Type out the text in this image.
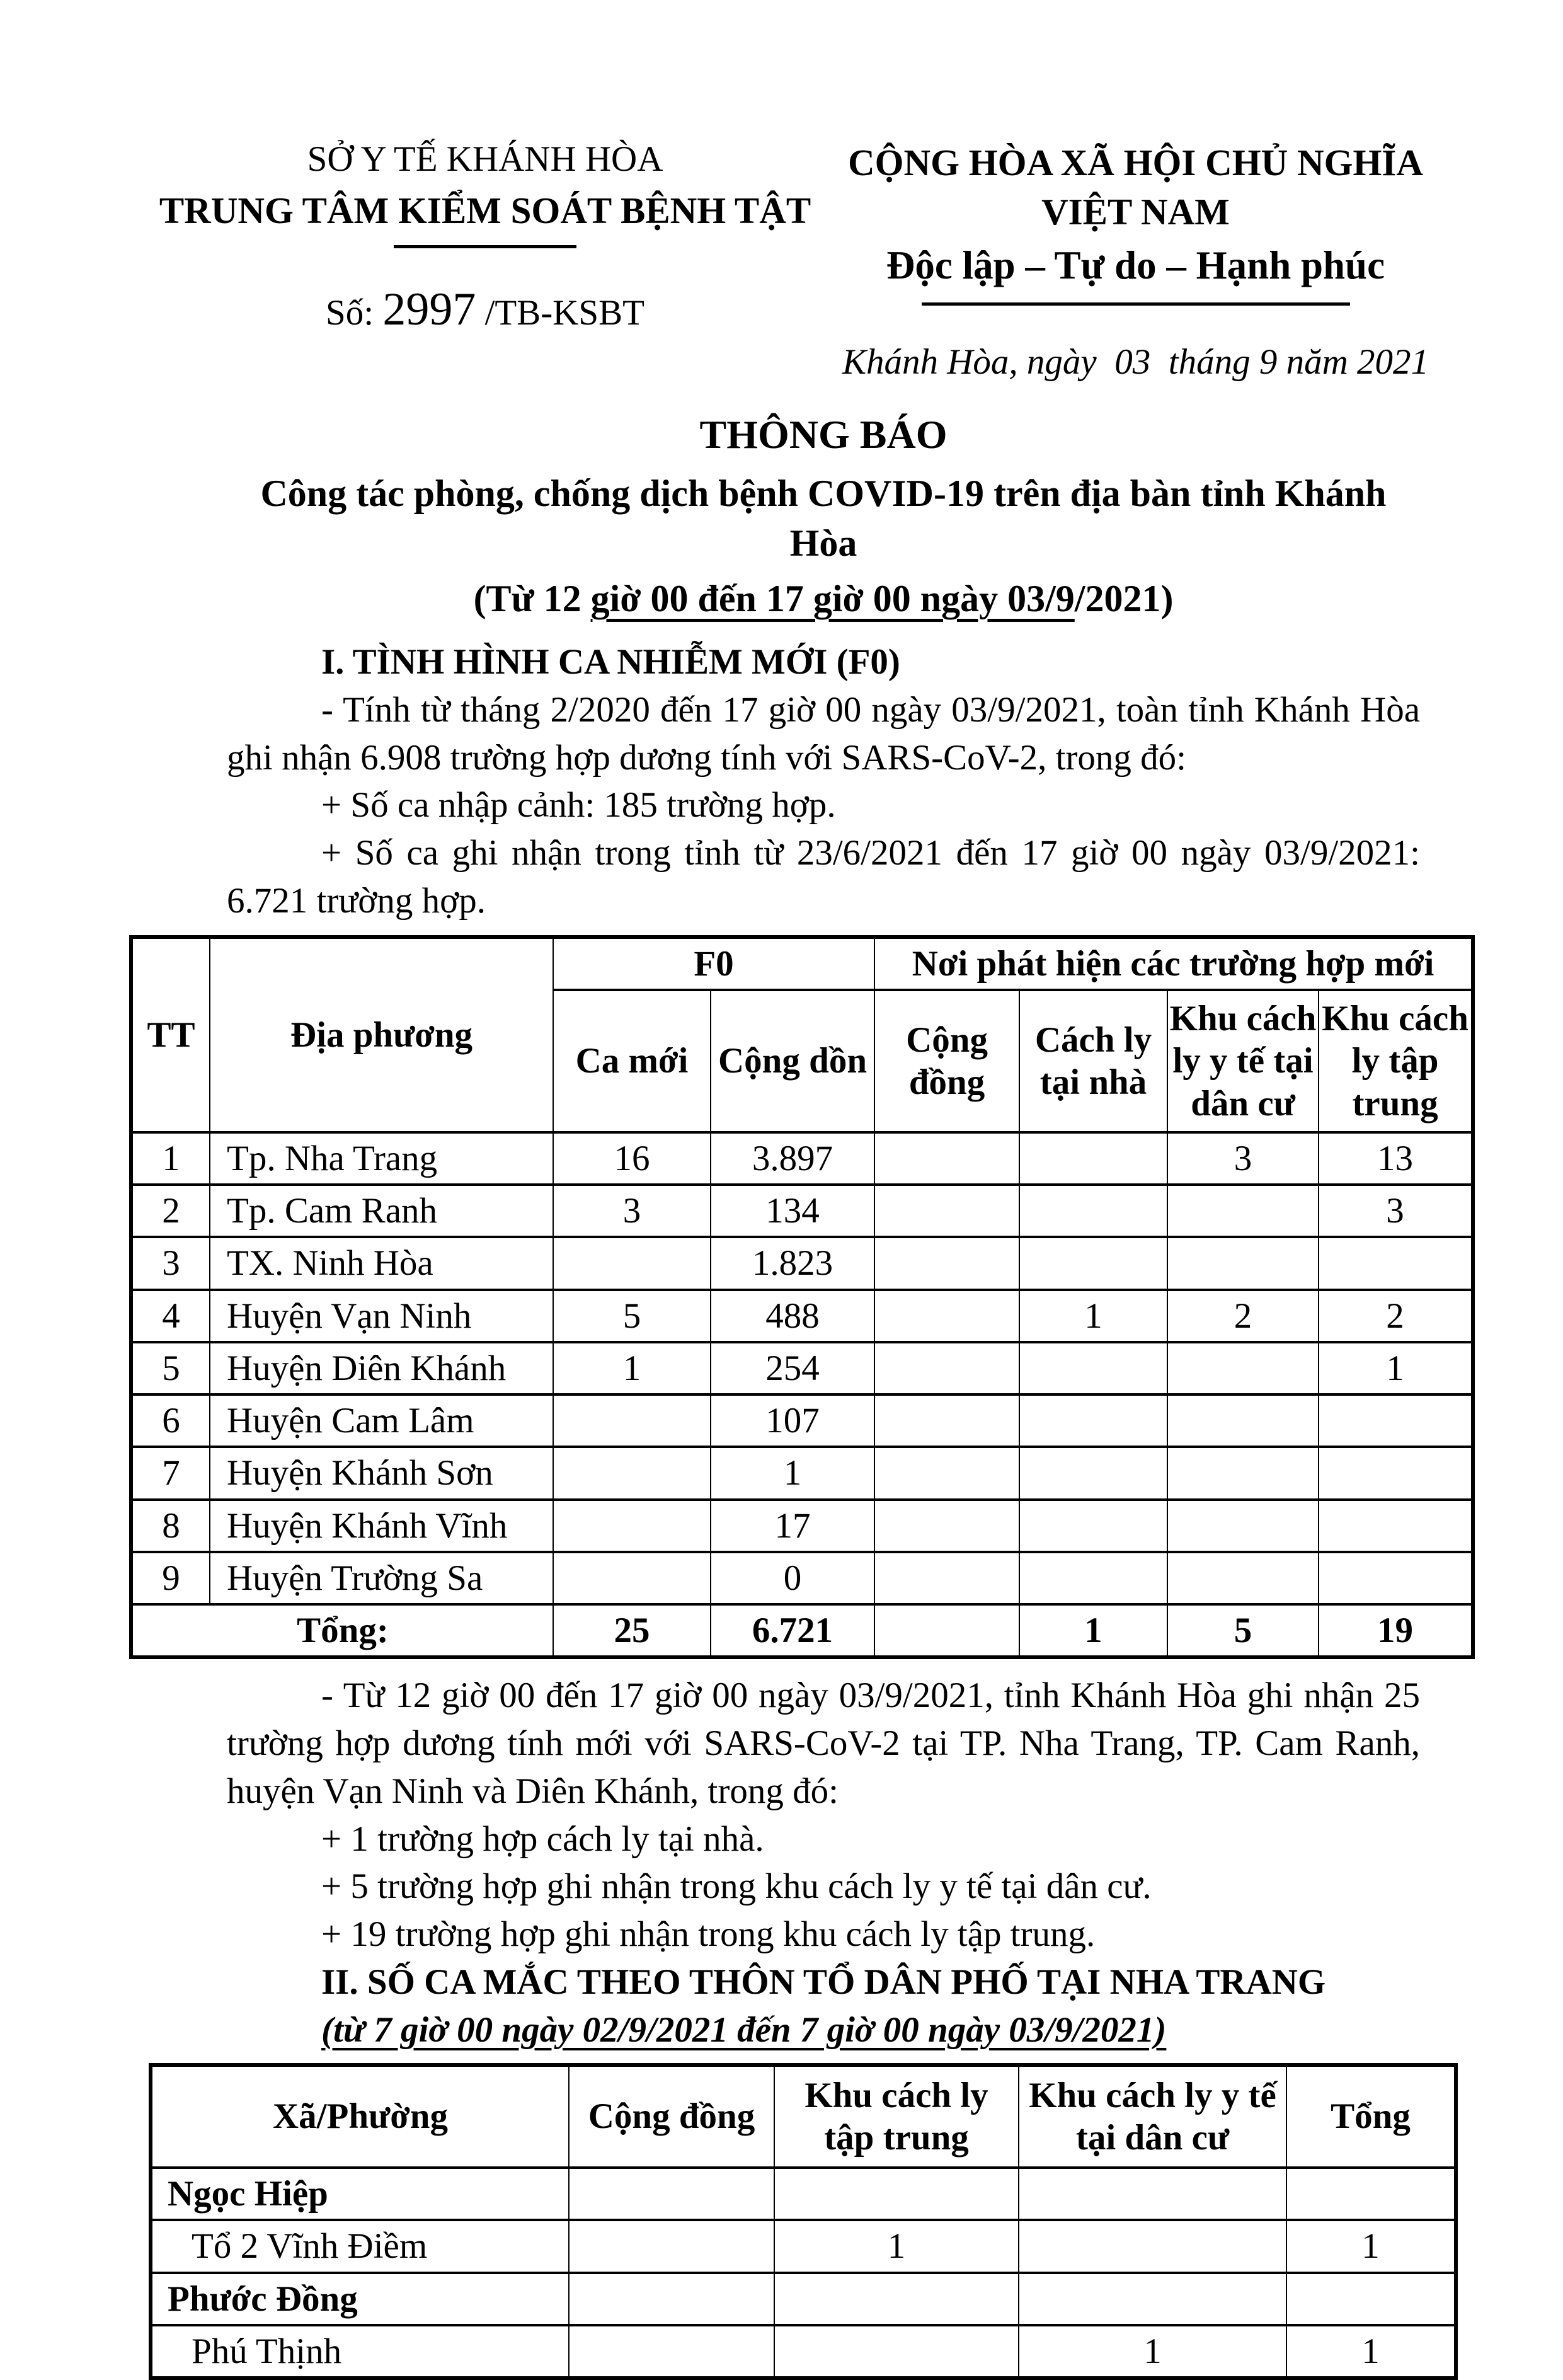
SỞ Y TẾ KHÁNH HÒA
TRUNG TÂM KIỂM SOÁT BỆNH TẬT
Số: 2997 /TB-KSBT
CỘNG HÒA XÃ HỘI CHỦ NGHĨA VIỆT NAM
Độc lập – Tự do – Hạnh phúc
Khánh Hòa, ngày  03  tháng 9 năm 2021
THÔNG BÁO
Công tác phòng, chống dịch bệnh COVID-19 trên địa bàn tỉnh Khánh Hòa
(Từ 12 giờ 00 đến 17 giờ 00 ngày 03/9/2021)

I. TÌNH HÌNH CA NHIỄM MỚI (F0)

- Tính từ tháng 2/2020 đến 17 giờ 00 ngày 03/9/2021, toàn tỉnh Khánh Hòa ghi nhận 6.908 trường hợp dương tính với SARS-CoV-2, trong đó:

+ Số ca nhập cảnh: 185 trường hợp.

+ Số ca ghi nhận trong tỉnh từ 23/6/2021 đến 17 giờ 00 ngày 03/9/2021: 6.721 trường hợp.

TT	Địa phương	F0		Nơi phát hiện các trường hợp mới			
		Ca mới	Cộng dồn	Cộng đồng	Cách ly tại nhà	Khu cách ly y tế tại dân cư	Khu cách ly tập trung
1	Tp. Nha Trang	16	3.897			3	13
2	Tp. Cam Ranh	3	134				3
3	TX. Ninh Hòa		1.823				
4	Huyện Vạn Ninh	5	488		1	2	2
5	Huyện Diên Khánh	1	254				1
6	Huyện Cam Lâm		107				
7	Huyện Khánh Sơn		1				
8	Huyện Khánh Vĩnh		17				
9	Huyện Trường Sa		0				
Tổng:		25	6.721		1	5	19

- Từ 12 giờ 00 đến 17 giờ 00 ngày 03/9/2021, tỉnh Khánh Hòa ghi nhận 25 trường hợp dương tính mới với SARS-CoV-2 tại TP. Nha Trang, TP. Cam Ranh, huyện Vạn Ninh và Diên Khánh, trong đó:

+ 1 trường hợp cách ly tại nhà.

+ 5 trường hợp ghi nhận trong khu cách ly y tế tại dân cư.

+ 19 trường hợp ghi nhận trong khu cách ly tập trung.

II. SỐ CA MẮC THEO THÔN TỔ DÂN PHỐ TẠI NHA TRANG

(từ 7 giờ 00 ngày 02/9/2021 đến 7 giờ 00 ngày 03/9/2021)

Xã/Phường	Cộng đồng	Khu cách ly tập trung	Khu cách ly y tế tại dân cư	Tổng
Ngọc Hiệp				
Tổ 2 Vĩnh Điềm		1		1
Phước Đồng				
Phú Thịnh			1	1
